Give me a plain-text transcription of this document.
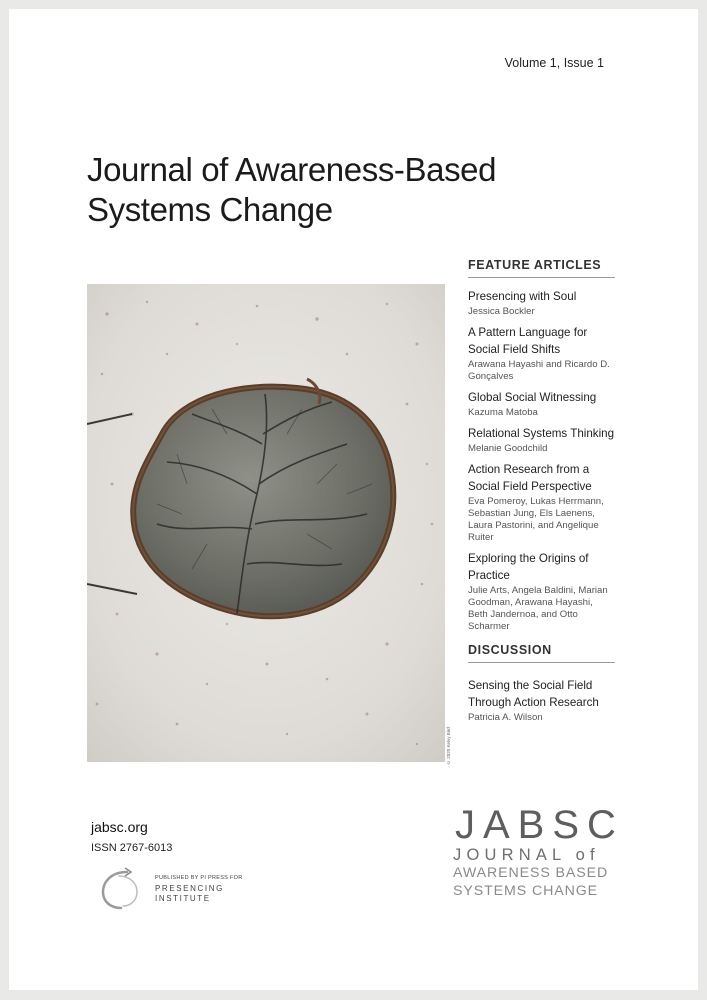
Volume 1, Issue 1
Journal of Awareness-Based
Systems Change
© 2020 Kelvy Bird
FEATURE ARTICLES
Presencing with Soul
Jessica Bockler
A Pattern Language for Social Field Shifts
Arawana Hayashi and Ricardo D. Gonçalves
Global Social Witnessing
Kazuma Matoba
Relational Systems Thinking
Melanie Goodchild
Action Research from a Social Field Perspective
Eva Pomeroy, Lukas Herrmann, Sebastian Jung, Els Laenens, Laura Pastorini, and Angelique Ruiter
Exploring the Origins of Practice
Julie Arts, Angela Baldini, Marian Goodman, Arawana Hayashi, Beth Jandernoa, and Otto Scharmer
DISCUSSION
Sensing the Social Field Through Action Research
Patricia A. Wilson
jabsc.org
ISSN 2767-6013
PUBLISHED BY PI PRESS FOR
PRESENCING
INSTITUTE
JABSC
JOURNAL of
AWARENESS BASED
SYSTEMS CHANGE
